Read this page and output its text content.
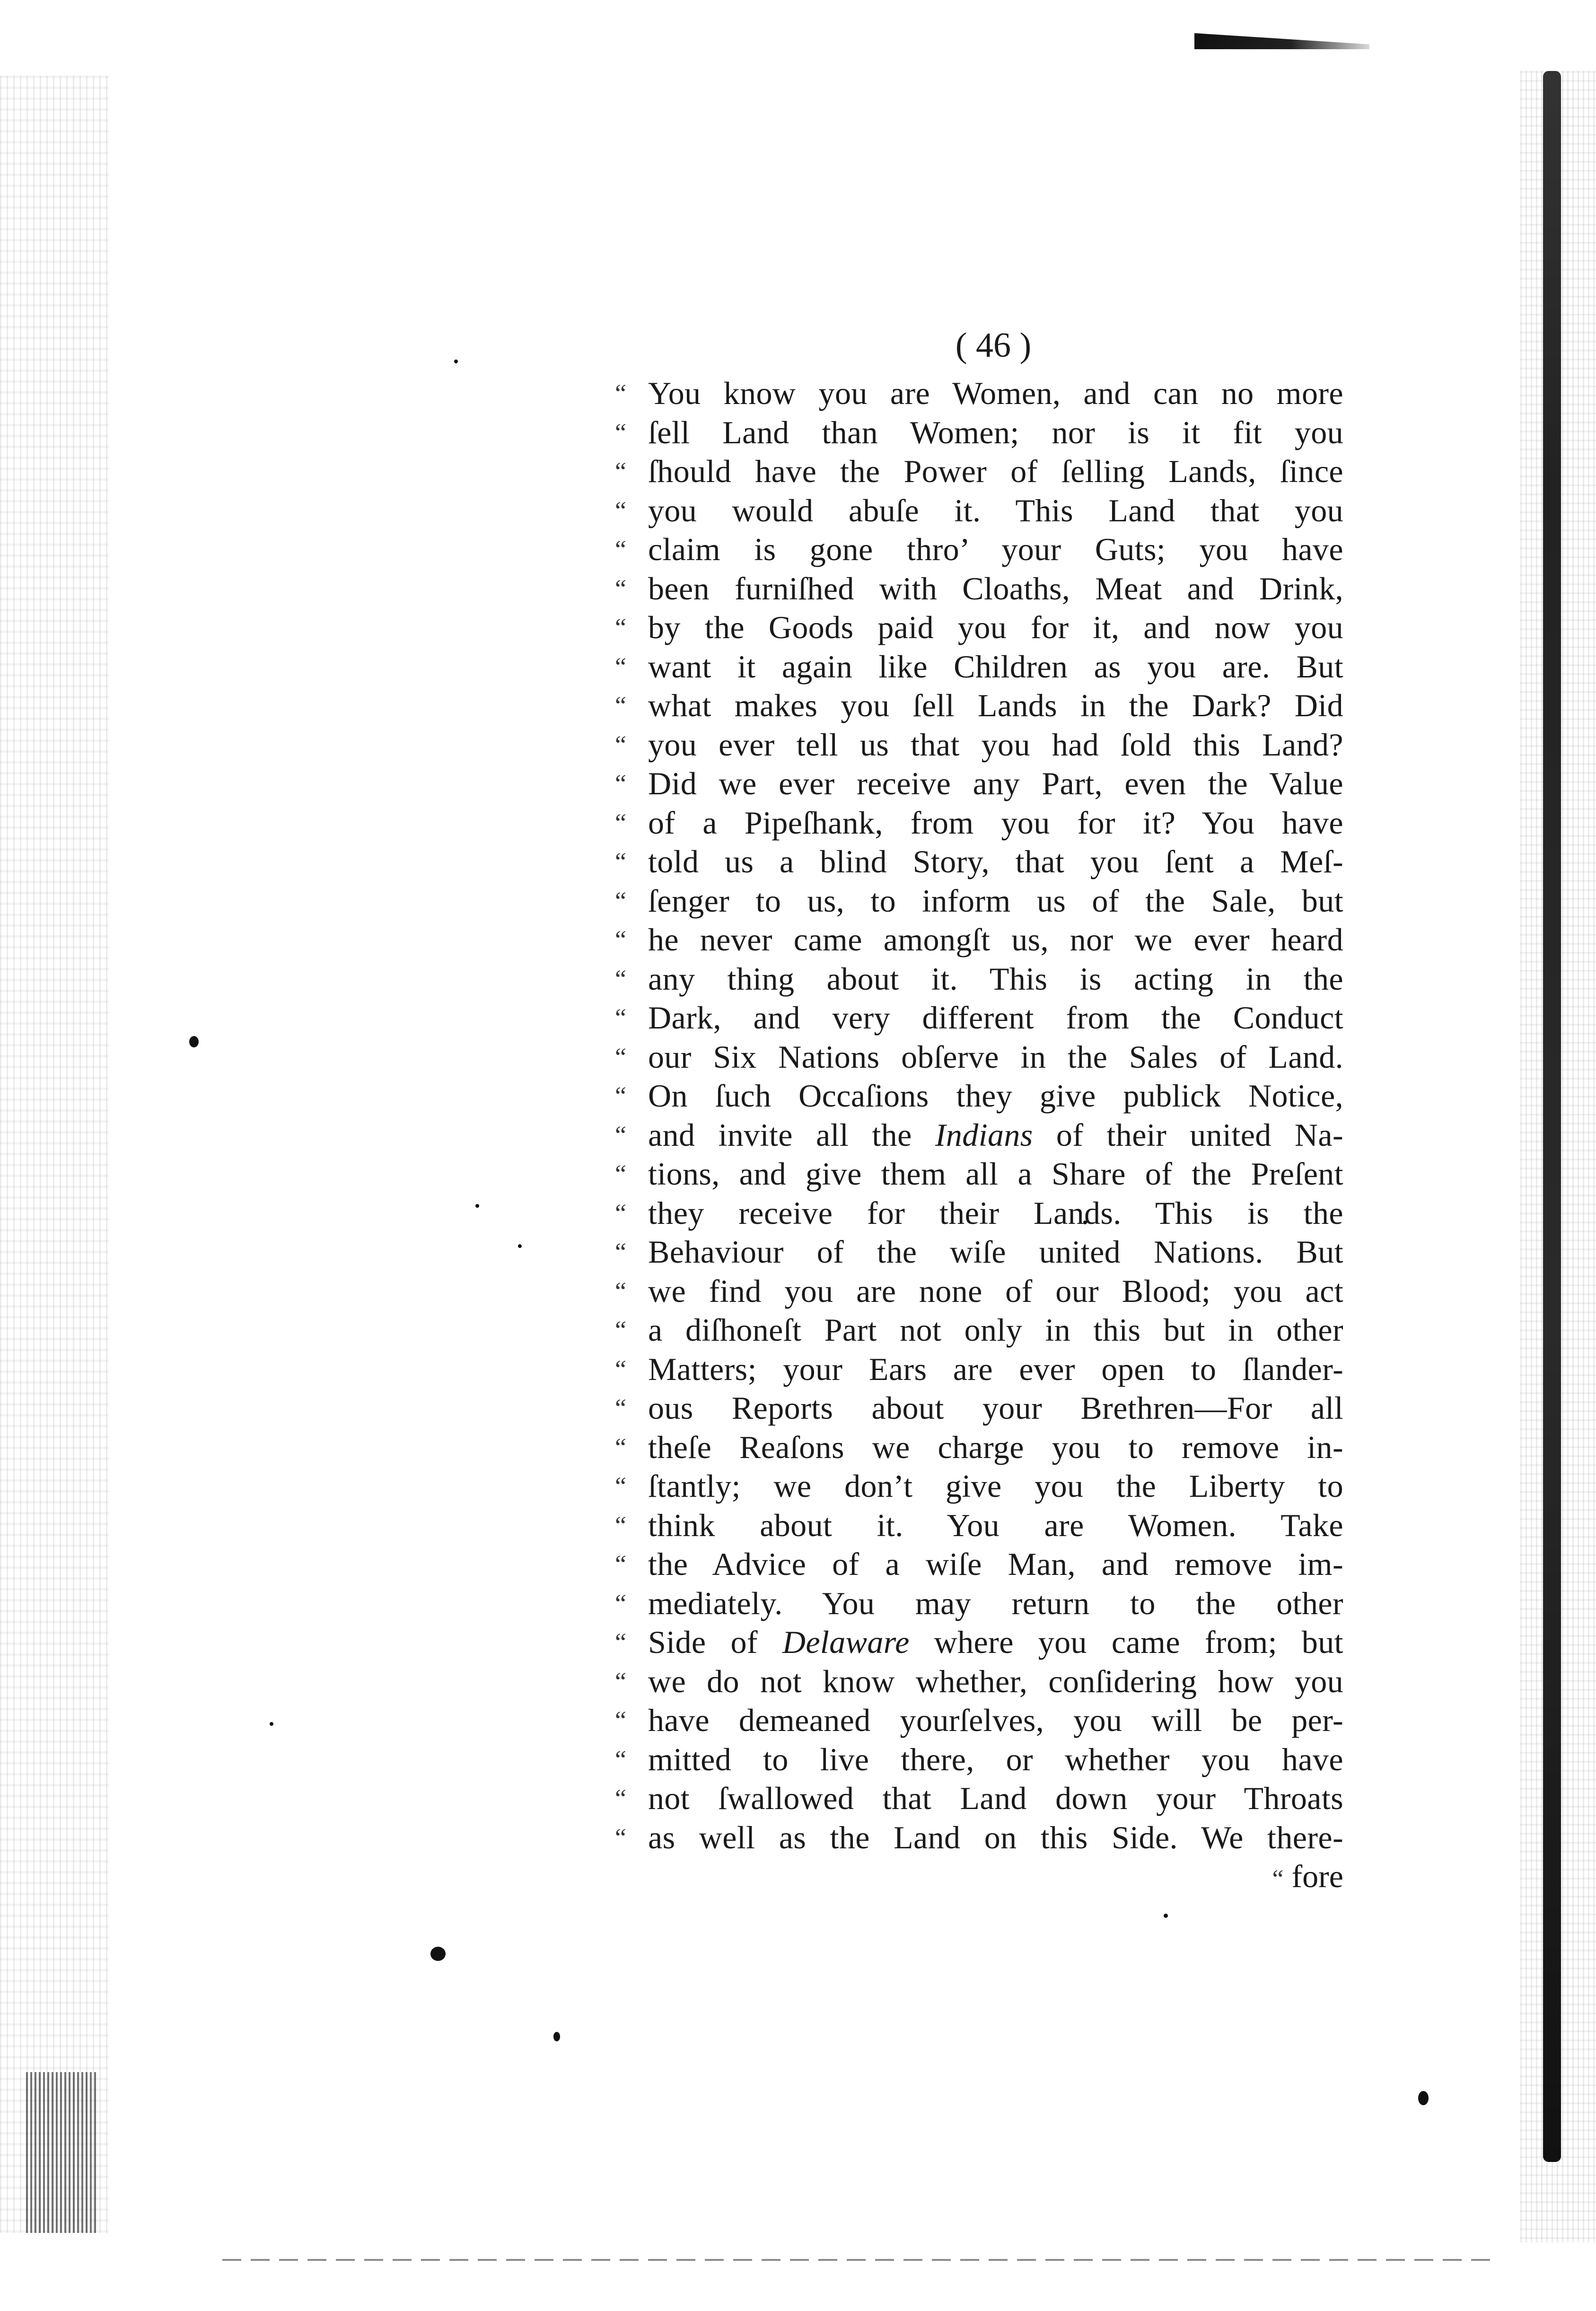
( 46 )
“ You know you are Women, and can no more
“ ſell Land than Women; nor is it fit you
“ ſhould have the Power of ſelling Lands, ſince
“ you would abuſe it. This Land that you
“ claim is gone thro’ your Guts; you have
“ been furniſhed with Cloaths, Meat and Drink,
“ by the Goods paid you for it, and now you
“ want it again like Children as you are. But
“ what makes you ſell Lands in the Dark? Did
“ you ever tell us that you had ſold this Land?
“ Did we ever receive any Part, even the Value
“ of a Pipeſhank, from you for it? You have
“ told us a blind Story, that you ſent a Meſ-
“ ſenger to us, to inform us of the Sale, but
“ he never came amongſt us, nor we ever heard
“ any thing about it. This is acting in the
“ Dark, and very different from the Conduct
“ our Six Nations obſerve in the Sales of Land.
“ On ſuch Occaſions they give publick Notice,
“ and invite all the Indians of their united Na-
“ tions, and give them all a Share of the Preſent
“ they receive for their Lands. This is the
“ Behaviour of the wiſe united Nations. But
“ we find you are none of our Blood; you act
“ a diſhoneſt Part not only in this but in other
“ Matters; your Ears are ever open to ſlander-
“ ous Reports about your Brethren—For all
“ theſe Reaſons we charge you to remove in-
“ ſtantly; we don’t give you the Liberty to
“ think about it. You are Women. Take
“ the Advice of a wiſe Man, and remove im-
“ mediately. You may return to the other
“ Side of Delaware where you came from; but
“ we do not know whether, conſidering how you
“ have demeaned yourſelves, you will be per-
“ mitted to live there, or whether you have
“ not ſwallowed that Land down your Throats
“ as well as the Land on this Side. We there-
“ fore
